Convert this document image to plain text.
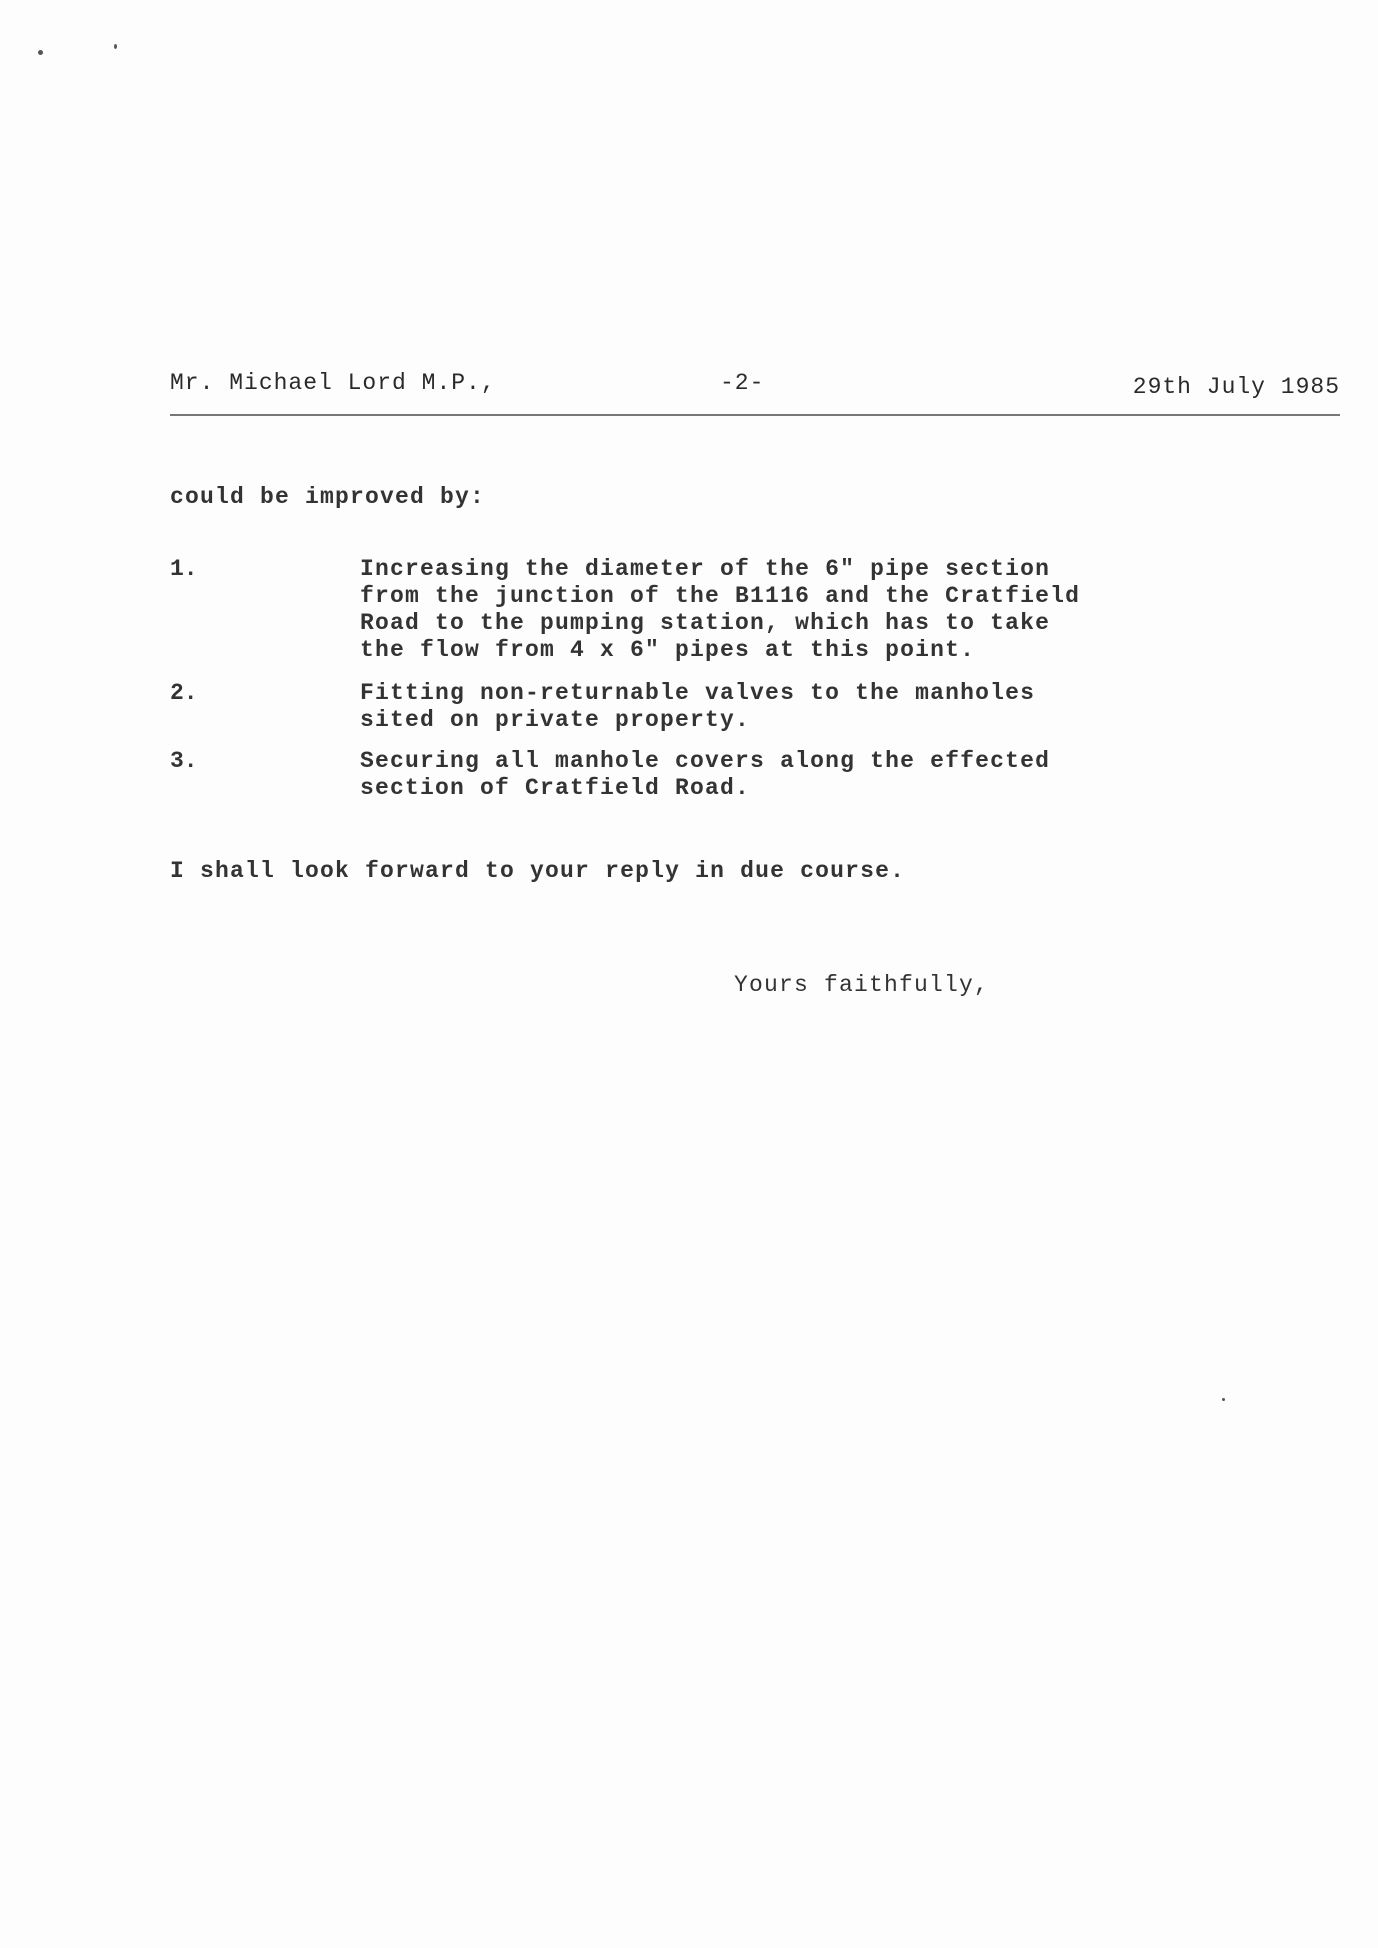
Mr. Michael Lord M.P.,	-2-	29th July 1985
could be improved by:
1.	Increasing the diameter of the 6" pipe section
from the junction of the B1116 and the Cratfield
Road to the pumping station, which has to take
the flow from 4 x 6" pipes at this point.
2.	Fitting non-returnable valves to the manholes
sited on private property.
3.	Securing all manhole covers along the effected
section of Cratfield Road.
I shall look forward to your reply in due course.
Yours faithfully,
